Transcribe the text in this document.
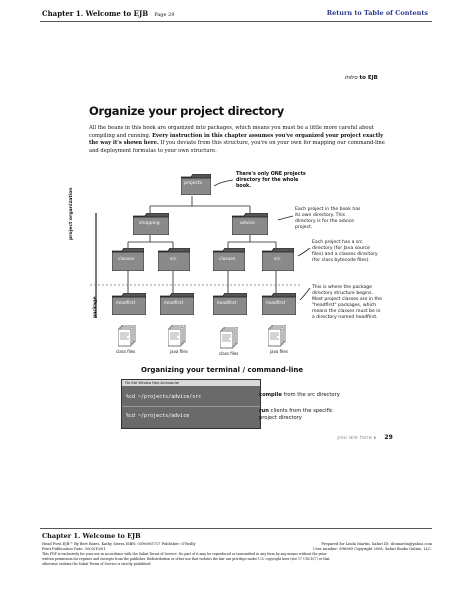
Chapter 1. Welcome to EJB Page 29	Return to Table of Contents
intro to EJB
Organize your project directory
All the beans in this book are organized into packages, which means you must be a little more careful about compiling and running. Every instruction in this chapter assumes you've organized your project exactly the way it's shown here. If you deviate from this structure, you're on your own for mapping our command-line and deployment formulas to your own structure.
projects
shopping	advice
classes	src	classes	src
headfirst	headfirst	headfirst	headfirst
class files	java files	class files	java files
project organization
package
There's only ONE projects directory for the whole book.
Each project in the book has its own directory. This directory is for the advice project.
Each project has a src directory (for Java source files) and a classes directory (for class bytecode files).
This is where the package directory structure begins. Most project classes are in the "headfirst" packages, which means the classes must be in a directory named headfirst.
Organizing your terminal / command-line
File Edit Window Help Accessorize
%cd ~/projects/advice/src
%cd ~/projects/advice
compile from the src directory
run clients from the specific project directory
you are here ▸ 29
Chapter 1. Welcome to EJB
Head First EJB™ By Bert Bates, Kathy Sierra ISBN: 0596005717 Publisher: O'Reilly	Prepared for Linda Martin, Safari ID: dcsmartin@yahoo.com
Print Publication Date: 2003/10/01	User number: 896969 Copyright 2008, Safari Books Online, LLC.
This PDF is exclusively for your use in accordance with the Safari Terms of Service. No part of it may be reproduced or transmitted in any form by any means without the prior
written permission for reprints and excerpts from the publisher. Redistribution or other use that violates the fair use privilege under U.S. copyright laws (see 17 USC107) or that
otherwise violates the Safari Terms of Service is strictly prohibited.
